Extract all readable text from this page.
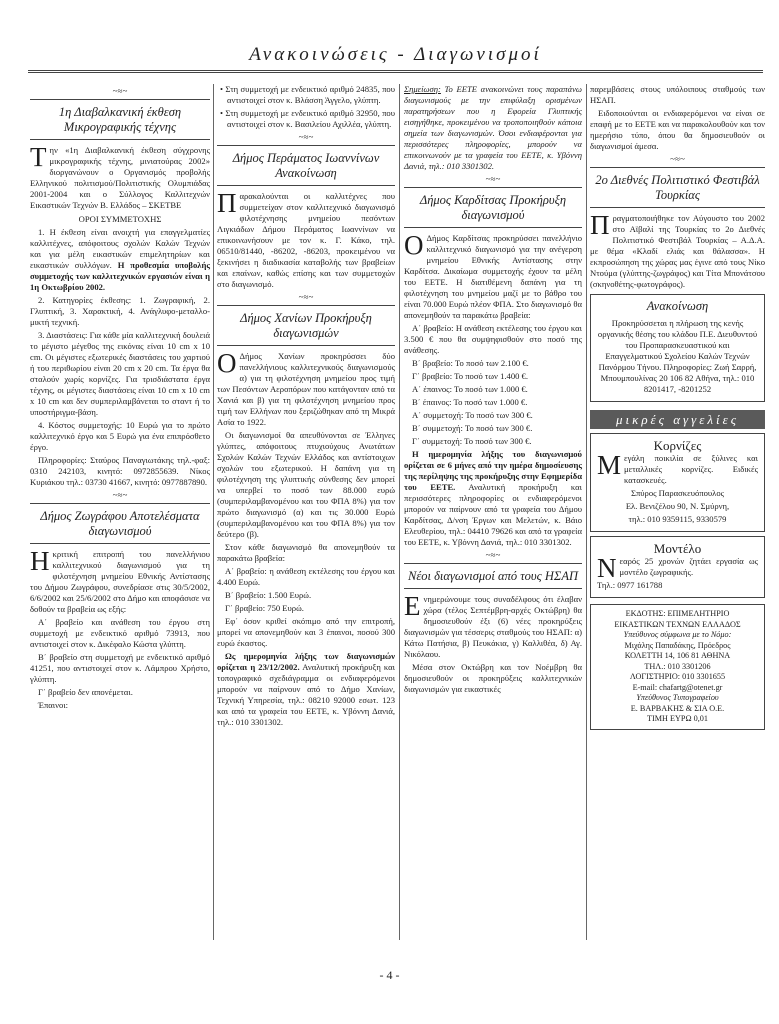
Ανακοινώσεις - Διαγωνισμοί
~≈~
1η Διαβαλκανική έκθεση Μικρογραφικής τέχνης

Την «1η Διαβαλκανική έκθεση σύγχρονης μικρογραφικής τέχνης, μινιατούρας 2002» διοργανώνουν ο Οργανισμός προβολής Ελληνικού πολιτισμού/Πολιτιστικής Ολυμπιάδας 2001-2004 και ο Σύλλογος Καλλιτεχνών Εικαστικών Τεχνών Β. Ελλάδος – ΣΚΕΤΒΕ

ΟΡΟΙ ΣΥΜΜΕΤΟΧΗΣ

1. Η έκθεση είναι ανοιχτή για επαγγελματίες καλλιτέχνες, απόφοιτους σχολών Καλών Τεχνών και για μέλη εικαστικών επιμελητηρίων και εικαστικών συλλόγων. Η προθεσμία υποβολής συμμετοχής των καλλιτεχνικών εργασιών είναι η 1η Οκτωβρίου 2002.

2. Κατηγορίες έκθεσης: 1. Ζωγραφική, 2. Γλυπτική, 3. Χαρακτική, 4. Ανάγλυφο-μεταλλο-μικτή τεχνική.

3. Διαστάσεις: Για κάθε μία καλλιτεχνική δουλειά το μέγιστο μέγεθος της εικόνας είναι 10 cm x 10 cm. Οι μέγιστες εξωτερικές διαστάσεις του χαρτιού ή του περιθωρίου είναι 20 cm x 20 cm. Τα έργα θα σταλούν χωρίς κορνίζες. Για τρισδιάστατα έργα τέχνης, οι μέγιστες διαστάσεις είναι 10 cm x 10 cm x 10 cm και δεν συμπεριλαμβάνεται το σταντ ή το υποστήριγμα-βάση.

4. Κόστος συμμετοχής: 10 Ευρώ για το πρώτο καλλιτεχνικό έργο και 5 Ευρώ για ένα επιπρόσθετο έργο.

Πληροφορίες: Σταύρος Παναγιωτάκης τηλ.-φαξ: 0310 242103, κινητό: 0972855639. Νίκος Κυριάκου τηλ.: 03730 41667, κινητό: 0977887890.

~≈~
Δήμος Ζωγράφου Αποτελέσματα διαγωνισμού

Ηκριτική επιτροπή του πανελλήνιου καλλιτεχνικού διαγωνισμού για τη φιλοτέχνηση μνημείου Εθνικής Αντίστασης του Δήμου Ζωγράφου, συνεδρίασε στις 30/5/2002, 6/6/2002 και 25/6/2002 στο Δήμο και αποφάσισε να δοθούν τα βραβεία ως εξής:

Α΄ βραβείο και ανάθεση του έργου στη συμμετοχή με ενδεικτικό αριθμό 73913, που αντιστοιχεί στον κ. Δικέφαλο Κώστα γλύπτη.

Β΄ βραβείο στη συμμετοχή με ενδεικτικό αριθμό 41251, που αντιστοιχεί στον κ. Λάμπρου Χρήστο, γλύπτη.

Γ΄ βραβείο δεν απονέμεται.

Έπαινοι:

• Στη συμμετοχή με ενδεικτικό αριθμό 24835, που αντιστοιχεί στον κ. Βλάσση Άγγελο, γλύπτη.

• Στη συμμετοχή με ενδεικτικό αριθμό 32950, που αντιστοιχεί στον κ. Βασιλείου Αχιλλέα, γλύπτη.

~≈~
Δήμος Περάματος Ιωαννίνων Ανακοίνωση

Παρακαλούνται οι καλλιτέχνες που συμμετείχαν στον καλλιτεχνικό διαγωνισμό φιλοτέχνησης μνημείου πεσόντων Λιγκιάδων Δήμου Περάματος Ιωαννίνων να επικοινωνήσουν με τον κ. Γ. Κάκο, τηλ. 06510/81440, -86202, -86203, προκειμένου να ξεκινήσει η διαδικασία καταβολής των βραβείων και επαίνων, καθώς επίσης και των συμμετοχών στο διαγωνισμό.

~≈~
Δήμος Χανίων Προκήρυξη διαγωνισμών

Ο Δήμος Χανίων προκηρύσσει δύο πανελλήνιους καλλιτεχνικούς διαγωνισμούς α) για τη φιλοτέχνηση μνημείου προς τιμή των Πεσόντων Αεροπόρων που κατάγονταν από τα Χανιά και β) για τη φιλοτέχνηση μνημείου προς τιμή των Ελλήνων που ξεριζώθηκαν από τη Μικρά Ασία το 1922.

Οι διαγωνισμοί θα απευθύνονται σε Έλληνες γλύπτες, απόφοιτους πτυχιούχους Ανωτάτων Σχολών Καλών Τεχνών Ελλάδος και αντίστοιχων σχολών του εξωτερικού. Η δαπάνη για τη φιλοτέχνηση της γλυπτικής σύνθεσης δεν μπορεί να υπερβεί το ποσό των 88.000 ευρώ (συμπεριλαμβανομένου και του ΦΠΑ 8%) για τον πρώτο διαγωνισμό (α) και τις 30.000 Ευρώ (συμπεριλαμβανομένου και του ΦΠΑ 8%) για τον δεύτερο (β).

Στον κάθε διαγωνισμό θα απονεμηθούν τα παρακάτω βραβεία:

Α΄ βραβείο: η ανάθεση εκτέλεσης του έργου και 4.400 Ευρώ.

Β΄ βραβείο: 1.500 Ευρώ.

Γ΄ βραβείο: 750 Ευρώ.

Εφ΄ όσον κριθεί σκόπιμο από την επιτροπή, μπορεί να απονεμηθούν και 3 έπαινοι, ποσού 300 ευρώ έκαστος.

Ως ημερομηνία λήξης των διαγωνισμών ορίζεται η 23/12/2002. Αναλυτική προκήρυξη και τοπογραφικό σχεδιάγραμμα οι ενδιαφερόμενοι μπορούν να παίρνουν από το Δήμο Χανίων, Τεχνική Υπηρεσία, τηλ.: 08210 92000 εσωτ. 123 και από τα γραφεία του ΕΕΤΕ, κ. Υβόννη Δανιά, τηλ.: 010 3301302.

Σημείωση: Το ΕΕΤΕ ανακοινώνει τους παραπάνω διαγωνισμούς με την επιφύλαξη ορισμένων παρατηρήσεων που η Εφορεία Γλυπτικής εισηγήθηκε, προκειμένου να τροποποιηθούν κάποια σημεία των διαγωνισμών. Όσοι ενδιαφέρονται για περισσότερες πληροφορίες, μπορούν να επικοινωνούν με τα γραφεία του ΕΕΤΕ, κ. Υβόννη Δανιά, τηλ.: 010 3301302.

~≈~
Δήμος Καρδίτσας Προκήρυξη διαγωνισμού

Ο Δήμος Καρδίτσας προκηρύσσει πανελλήνιο καλλιτεχνικό διαγωνισμό για την ανέγερση μνημείου Εθνικής Αντίστασης στην Καρδίτσα. Δικαίωμα συμμετοχής έχουν τα μέλη του ΕΕΤΕ. Η διατιθέμενη δαπάνη για τη φιλοτέχνηση του μνημείου μαζί με το βάθρο του είναι 70.000 Ευρώ πλέον ΦΠΑ. Στο διαγωνισμό θα απονεμηθούν τα παρακάτω βραβεία:

Α΄ βραβείο: Η ανάθεση εκτέλεσης του έργου και 3.500 € που θα συμψηφισθούν στο ποσό της ανάθεσης.

Β΄ βραβείο: Το ποσό των 2.100 €.

Γ΄ βραβείο: Το ποσό των 1.400 €.

Α΄ έπαινος: Το ποσό των 1.000 €.

Β΄ έπαινος: Το ποσό των 1.000 €.

Α΄ συμμετοχή: Το ποσό των 300 €.

Β΄ συμμετοχή: Το ποσό των 300 €.

Γ΄ συμμετοχή: Το ποσό των 300 €.

Η ημερομηνία λήξης του διαγωνισμού ορίζεται σε 6 μήνες από την ημέρα δημοσίευσης της περίληψης της προκήρυξης στην Εφημερίδα του ΕΕΤΕ. Αναλυτική προκήρυξη και περισσότερες πληροφορίες οι ενδιαφερόμενοι μπορούν να παίρνουν από τα γραφεία του Δήμου Καρδίτσας, Δ/νση Έργων και Μελετών, κ. Βάιο Ελευθερίου, τηλ.: 04410 79626 και από τα γραφεία του ΕΕΤΕ, κ. Υβόννη Δανιά, τηλ.: 010 3301302.

~≈~
Νέοι διαγωνισμοί από τους ΗΣΑΠ

Ενημερώνουμε τους συναδέλφους ότι έλαβαν χώρα (τέλος Σεπτέμβρη-αρχές Οκτώβρη) θα δημοσιευθούν έξι (6) νέες προκηρύξεις διαγωνισμών για τέσσερις σταθμούς του ΗΣΑΠ: α) Κάτω Πατήσια, β) Πευκάκια, γ) Καλλιθέα, δ) Αγ. Νικόλαου.

Μέσα στον Οκτώβρη και τον Νοέμβρη θα δημοσιευθούν οι προκηρύξεις καλλιτεχνικών διαγωνισμών για εικαστικές

παρεμβάσεις στους υπόλοιπους σταθμούς των ΗΣΑΠ.

Ειδοποιούνται οι ενδιαφερόμενοι να είναι σε επαφή με το ΕΕΤΕ και να παρακολουθούν και τον ημερήσιο τύπο, όπου θα δημοσιευθούν οι διαγωνισμοί άμεσα.

~≈~
2ο Διεθνές Πολιτιστικό Φεστιβάλ Τουρκίας

Πραγματοποιήθηκε τον Αύγουστο του 2002 στο Αϊβαλί της Τουρκίας το 2ο Διεθνές Πολιτιστικό Φεστιβάλ Τουρκίας – Α.Δ.Α. με θέμα «Κλαδί ελιάς και θάλασσα». Η εκπροσώπηση της χώρας μας έγινε από τους Νίκο Ντούμα (γλύπτης-ζωγράφος) και Τίτα Μπονάτσου (σκηνοθέτης-φωτογράφος).

Ανακοίνωση

Προκηρύσσεται η πλήρωση της κενής οργανικής θέσης του κλάδου Π.Ε. Διευθυντού του Προπαρασκευαστικού και Επαγγελματικού Σχολείου Καλών Τεχνών Πανόρμου Τήνου. Πληροφορίες: Ζωή Σαρρή, Μπουμπουλίνας 20 106 82 Αθήνα, τηλ.: 010 8201417, -8201252

μικρές αγγελίες
Κορνίζες

Μεγάλη ποικιλία σε ξύλινες και μεταλλικές κορνίζες. Ειδικές κατασκευές.

Σπύρος Παρασκευόπουλος

Ελ. Βενιζέλου 90, Ν. Σμύρνη,

τηλ.: 010 9359115, 9330579

Μοντέλο

Νεαρός 25 χρονών ζητάει εργασία ως μοντέλο ζωγραφικής.

Τηλ.: 0977 161788

ΕΚΔΟΤΗΣ: ΕΠΙΜΕΛΗΤΗΡΙΟ
ΕΙΚΑΣΤΙΚΩΝ ΤΕΧΝΩΝ ΕΛΛΑΔΟΣ
Υπεύθυνος σύμφωνα με το Νόμο:
Μιχάλης Παπαδάκης, Πρόεδρος
ΚΟΛΕΤΤΗ 14, 106 81 ΑΘΗΝΑ
ΤΗΛ.: 010 3301206
ΛΟΓΙΣΤΗΡΙΟ: 010 3301655
E-mail: chafartg@otenet.gr
Υπεύθυνος Τυπογραφείου
Ε. ΒΑΡΒΑΚΗΣ & ΣΙΑ Ο.Ε.
ΤΙΜΗ ΕΥΡΩ 0,01
- 4 -
